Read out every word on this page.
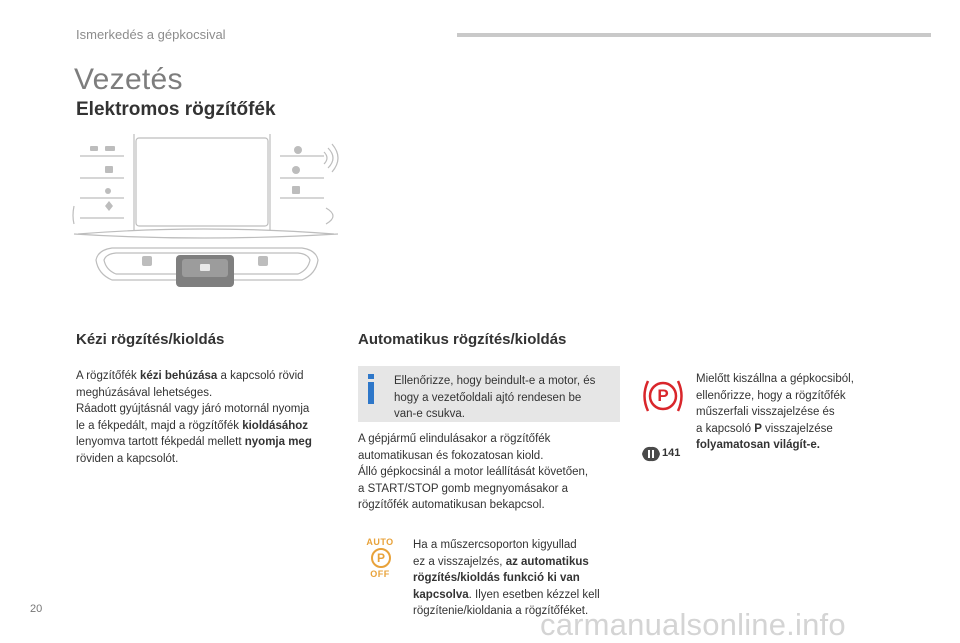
Ismerkedés a gépkocsival
Vezetés
Elektromos rögzítőfék
Kézi rögzítés/kioldás
A rögzítőfék kézi behúzása a kapcsoló rövid
meghúzásával lehetséges.
Ráadott gyújtásnál vagy járó motornál nyomja
le a fékpedált, majd a rögzítőfék kioldásához
lenyomva tartott fékpedál mellett nyomja meg
röviden a kapcsolót.
Automatikus rögzítés/kioldás
Ellenőrizze, hogy beindult-e a motor, és
hogy a vezetőoldali ajtó rendesen be
van-e csukva.
A gépjármű elindulásakor a rögzítőfék
automatikusan és fokozatosan kiold.
Álló gépkocsinál a motor leállítását követően,
a START/STOP gomb megnyomásakor a
rögzítőfék automatikusan bekapcsol.
AUTO
P
OFF
Ha a műszercsoporton kigyullad
ez a visszajelzés, az automatikus
rögzítés/kioldás funkció ki van
kapcsolva. Ilyen esetben kézzel kell
rögzítenie/kioldania a rögzítőféket.
P
Mielőtt kiszállna a gépkocsiból,
ellenőrizze, hogy a rögzítőfék
műszerfali visszajelzése és
a kapcsoló P visszajelzése
folyamatosan világít-e.
141
20	carmanualsonline.info
